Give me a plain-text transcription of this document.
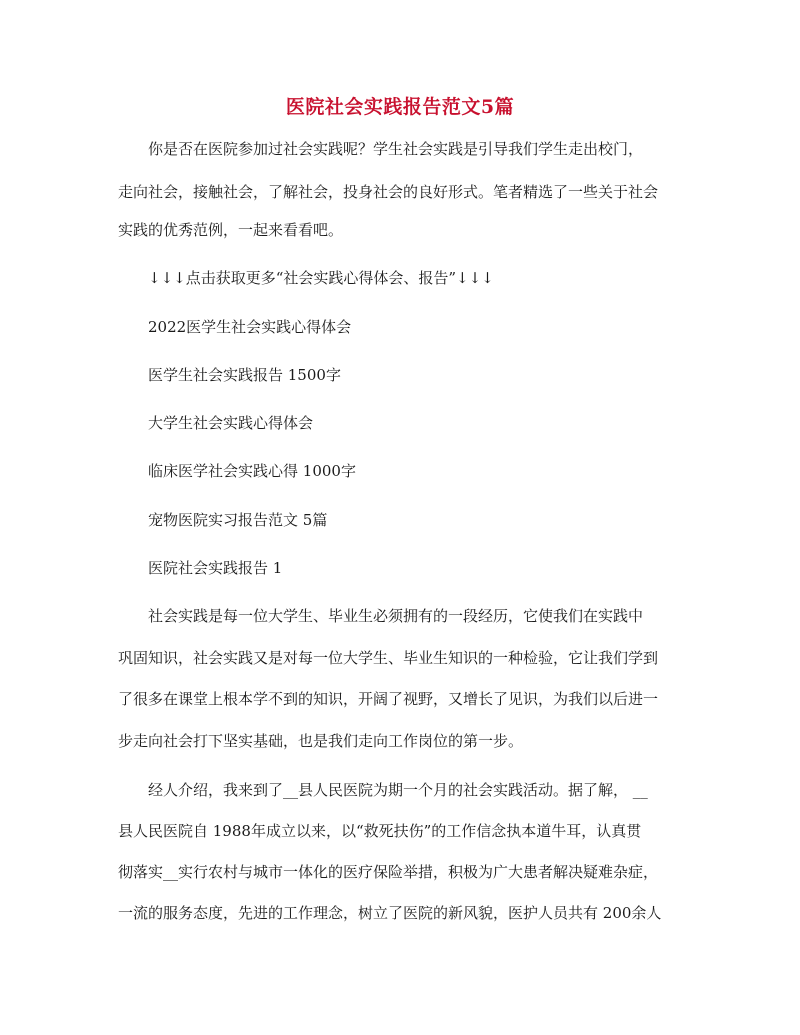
医院社会实践报告范文5篇
你是否在医院参加过社会实践呢？学生社会实践是引导我们学生走出校门，
走向社会，接触社会，了解社会，投身社会的良好形式。笔者精选了一些关于社会
实践的优秀范例，一起来看看吧。
↓↓↓点击获取更多“社会实践心得体会、报告”↓↓↓
2022医学生社会实践心得体会
医学生社会实践报告 1500字
大学生社会实践心得体会
临床医学社会实践心得 1000字
宠物医院实习报告范文 5篇
医院社会实践报告 1
社会实践是每一位大学生、毕业生必须拥有的一段经历，它使我们在实践中
巩固知识，社会实践又是对每一位大学生、毕业生知识的一种检验，它让我们学到
了很多在课堂上根本学不到的知识，开阔了视野，又增长了见识，为我们以后进一
步走向社会打下坚实基础，也是我们走向工作岗位的第一步。
经人介绍，我来到了__县人民医院为期一个月的社会实践活动。据了解， __
县人民医院自 1988年成立以来，以“救死扶伤”的工作信念执本道牛耳，认真贯
彻落实__实行农村与城市一体化的医疗保险举措，积极为广大患者解决疑难杂症，
一流的服务态度，先进的工作理念，树立了医院的新风貌，医护人员共有 200余人
